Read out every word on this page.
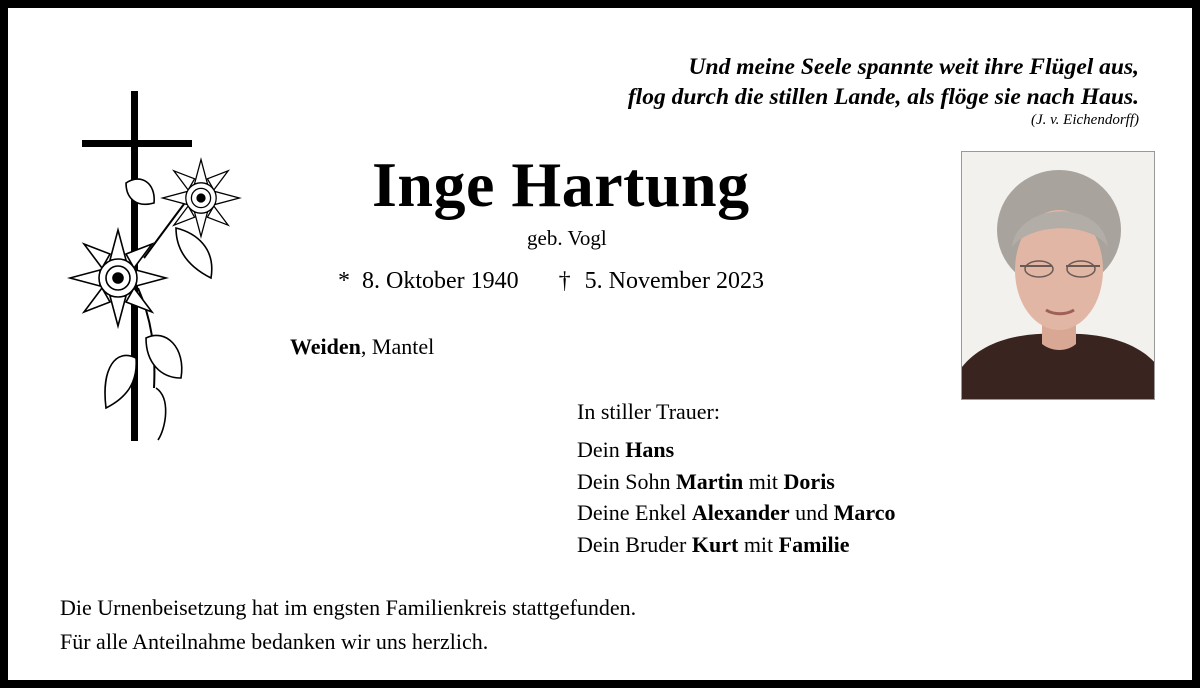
Und meine Seele spannte weit ihre Flügel aus,
flog durch die stillen Lande, als flöge sie nach Haus.
(J. v. Eichendorff)
Inge Hartung
geb. Vogl
* 8. Oktober 1940 † 5. November 2023
Weiden, Mantel
In stiller Trauer:
Dein Hans
Dein Sohn Martin mit Doris
Deine Enkel Alexander und Marco
Dein Bruder Kurt mit Familie
Die Urnenbeisetzung hat im engsten Familienkreis stattgefunden.
Für alle Anteilnahme bedanken wir uns herzlich.
